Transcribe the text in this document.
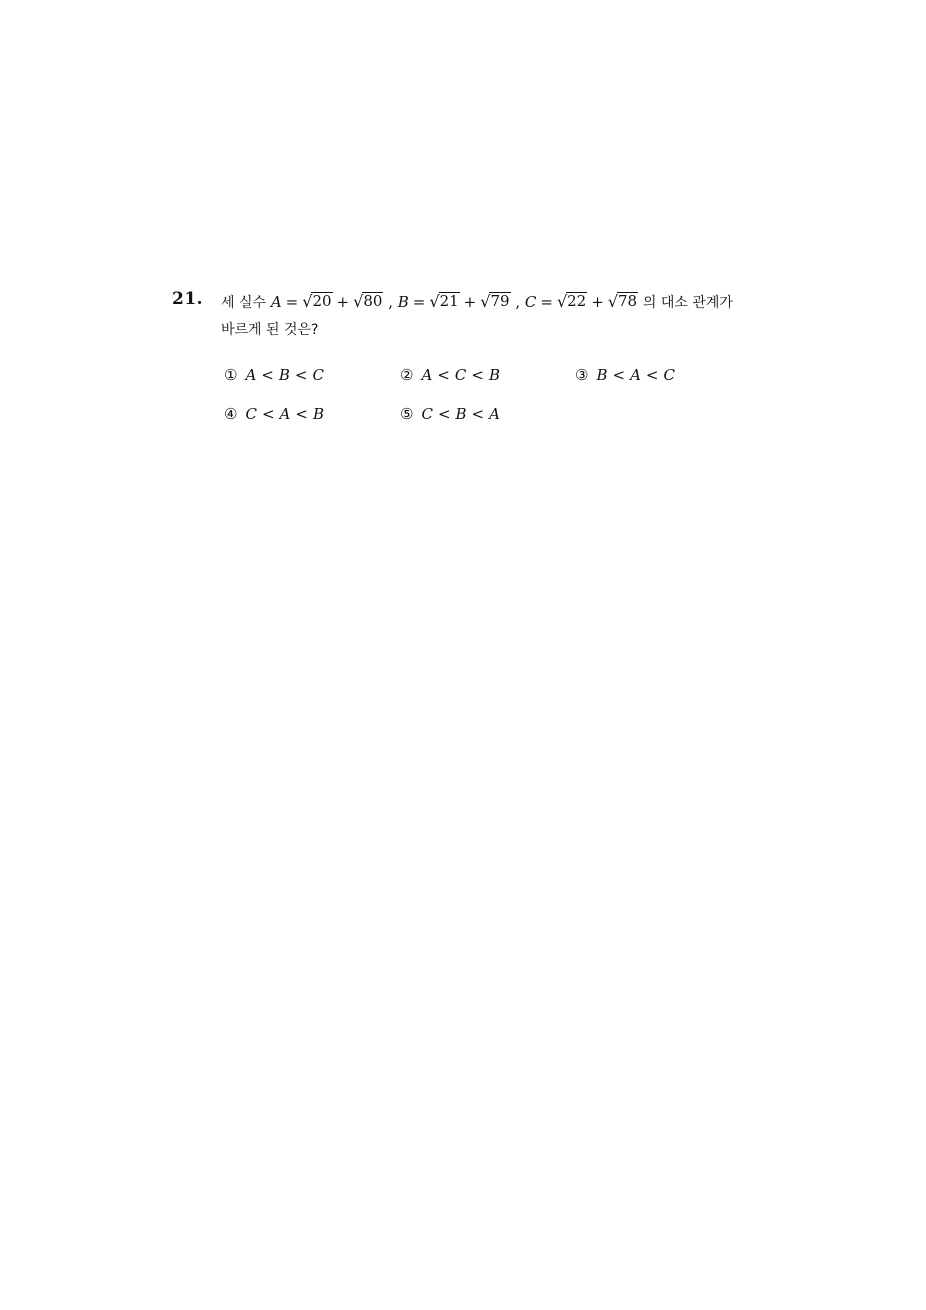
21. 세 실수 A = √ 20 + √ 80 , B = √ 21 + √ 79 , C = √ 22 + √ 78 의 대소 관계가
바르게 된 것은?
① A < B < C	② A < C < B	③ B < A < C
④ C < A < B	⑤ C < B < A
